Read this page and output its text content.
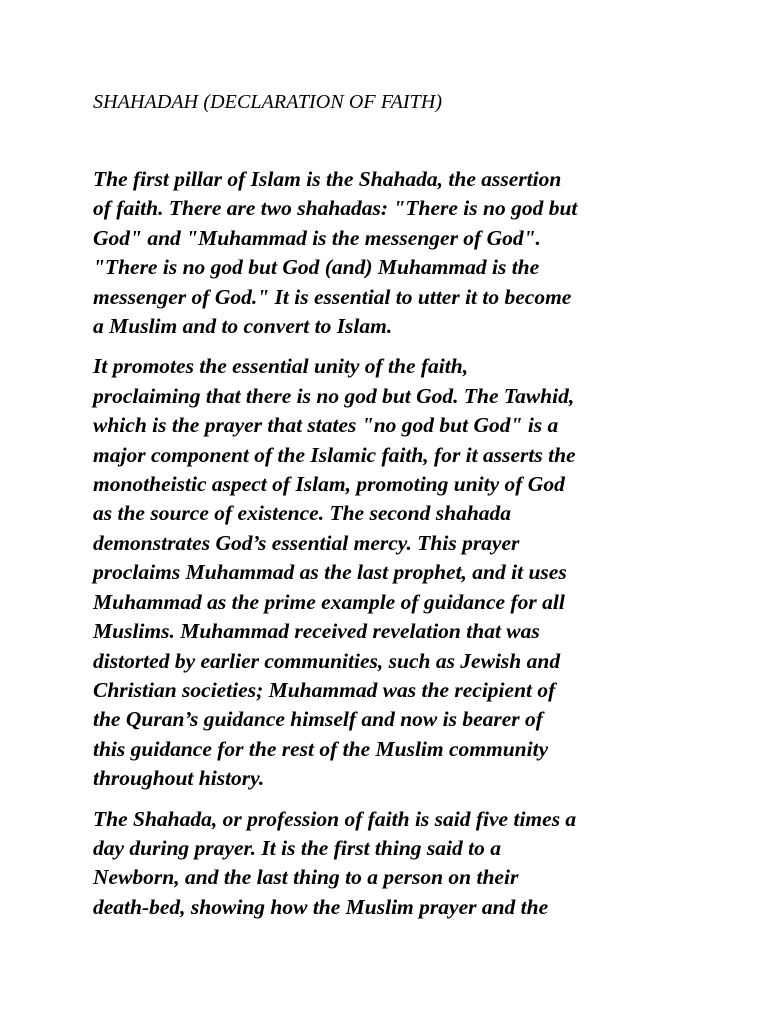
SHAHADAH (DECLARATION OF FAITH)

The first pillar of Islam is the Shahada, the assertion
of faith. There are two shahadas: "There is no god but
God" and "Muhammad is the messenger of God".
"There is no god but God (and) Muhammad is the
messenger of God." It is essential to utter it to become
a Muslim and to convert to Islam.

It promotes the essential unity of the faith,
proclaiming that there is no god but God. The Tawhid,
which is the prayer that states "no god but God" is a
major component of the Islamic faith, for it asserts the
monotheistic aspect of Islam, promoting unity of God
as the source of existence. The second shahada
demonstrates God’s essential mercy. This prayer
proclaims Muhammad as the last prophet, and it uses
Muhammad as the prime example of guidance for all
Muslims. Muhammad received revelation that was
distorted by earlier communities, such as Jewish and
Christian societies; Muhammad was the recipient of
the Quran’s guidance himself and now is bearer of
this guidance for the rest of the Muslim community
throughout history.

The Shahada, or profession of faith is said five times a
day during prayer. It is the first thing said to a
Newborn, and the last thing to a person on their
death-bed, showing how the Muslim prayer and the
